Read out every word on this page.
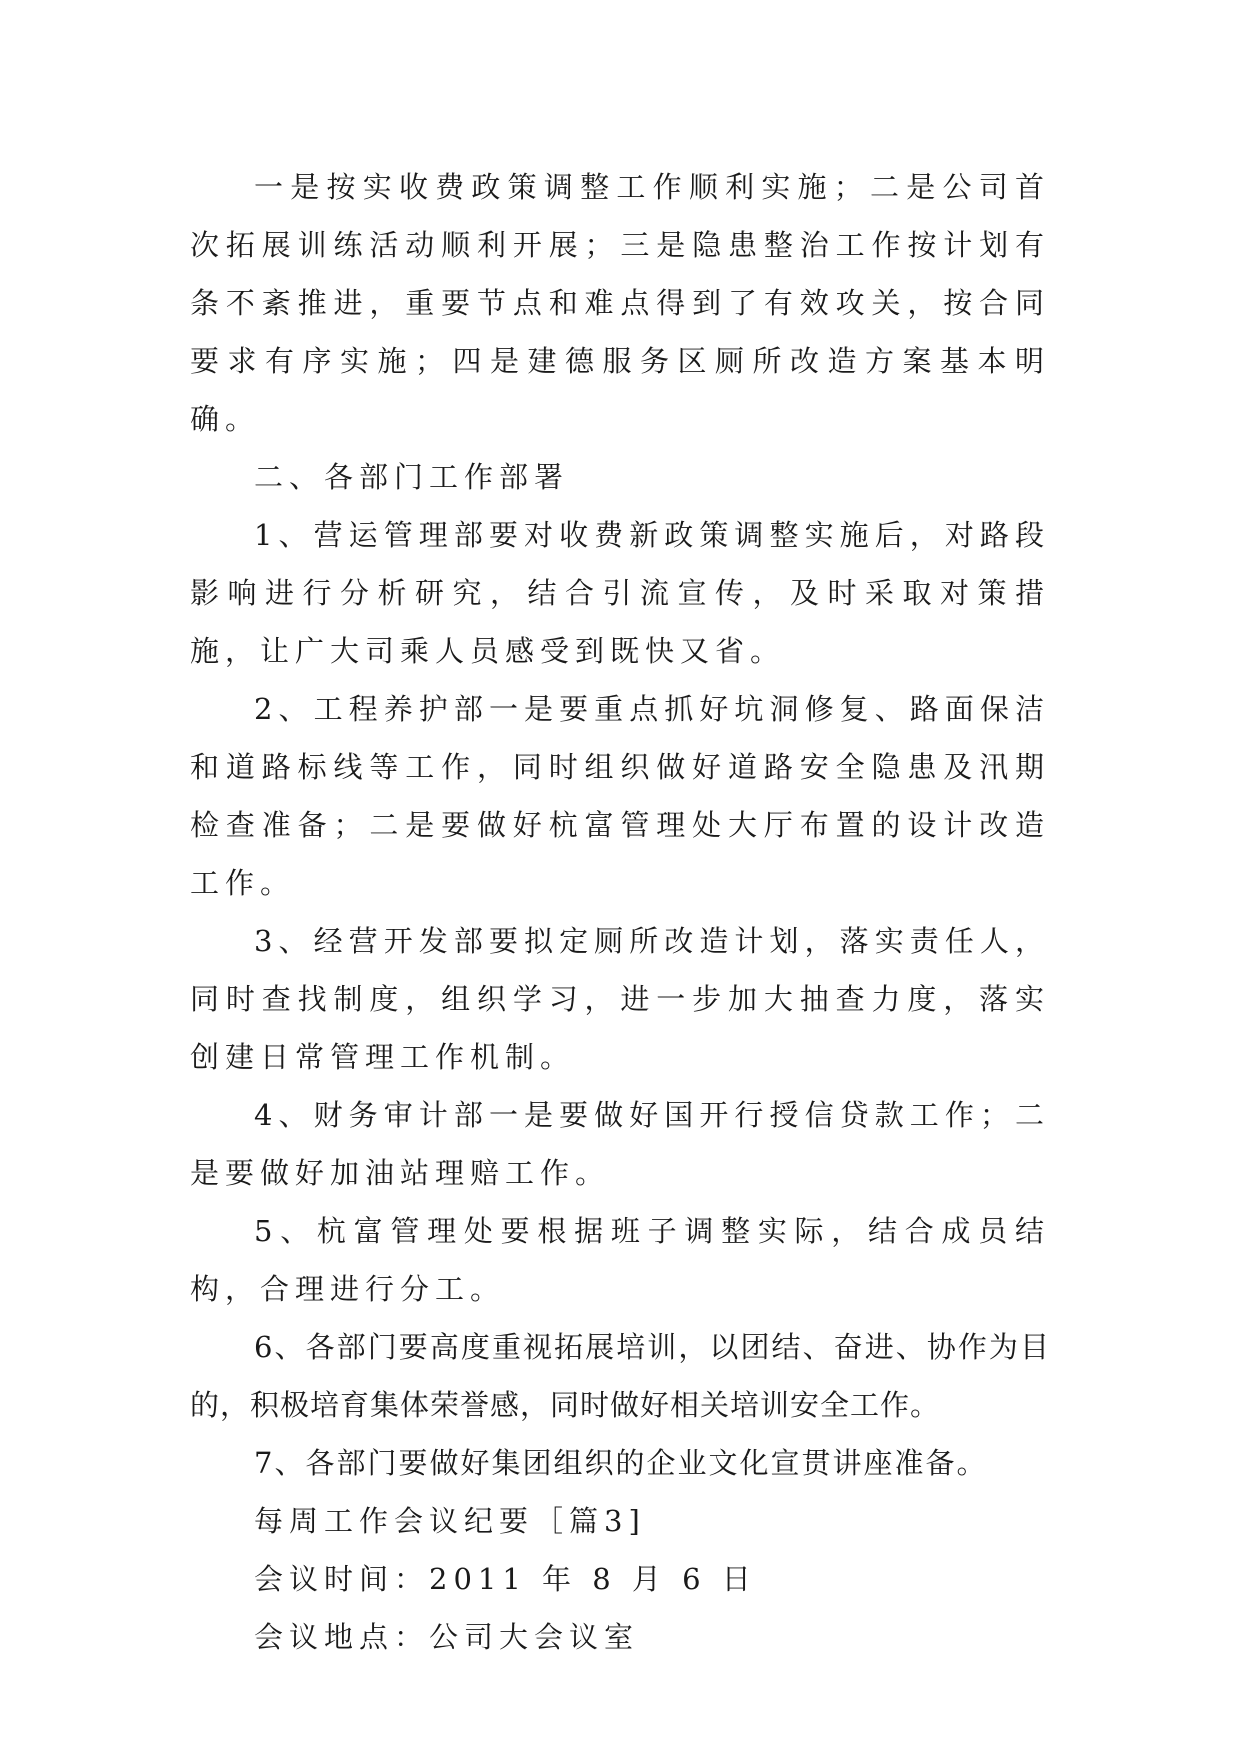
一是按实收费政策调整工作顺利实施；二是公司首次拓展训练活动顺利开展；三是隐患整治工作按计划有条不紊推进，重要节点和难点得到了有效攻关，按合同要求有序实施；四是建德服务区厕所改造方案基本明确。

二、各部门工作部署

1、营运管理部要对收费新政策调整实施后，对路段影响进行分析研究，结合引流宣传，及时采取对策措施，让广大司乘人员感受到既快又省。

2、工程养护部一是要重点抓好坑洞修复、路面保洁和道路标线等工作，同时组织做好道路安全隐患及汛期检查准备；二是要做好杭富管理处大厅布置的设计改造工作。

3、经营开发部要拟定厕所改造计划，落实责任人，同时查找制度，组织学习，进一步加大抽查力度，落实创建日常管理工作机制。

4、财务审计部一是要做好国开行授信贷款工作；二是要做好加油站理赔工作。

5、杭富管理处要根据班子调整实际，结合成员结构，合理进行分工。

6、各部门要高度重视拓展培训，以团结、奋进、协作为目的，积极培育集体荣誉感，同时做好相关培训安全工作。

7、各部门要做好集团组织的企业文化宣贯讲座准备。

每周工作会议纪要［篇3]

会议时间：2011 年 8 月 6 日

会议地点：公司大会议室
